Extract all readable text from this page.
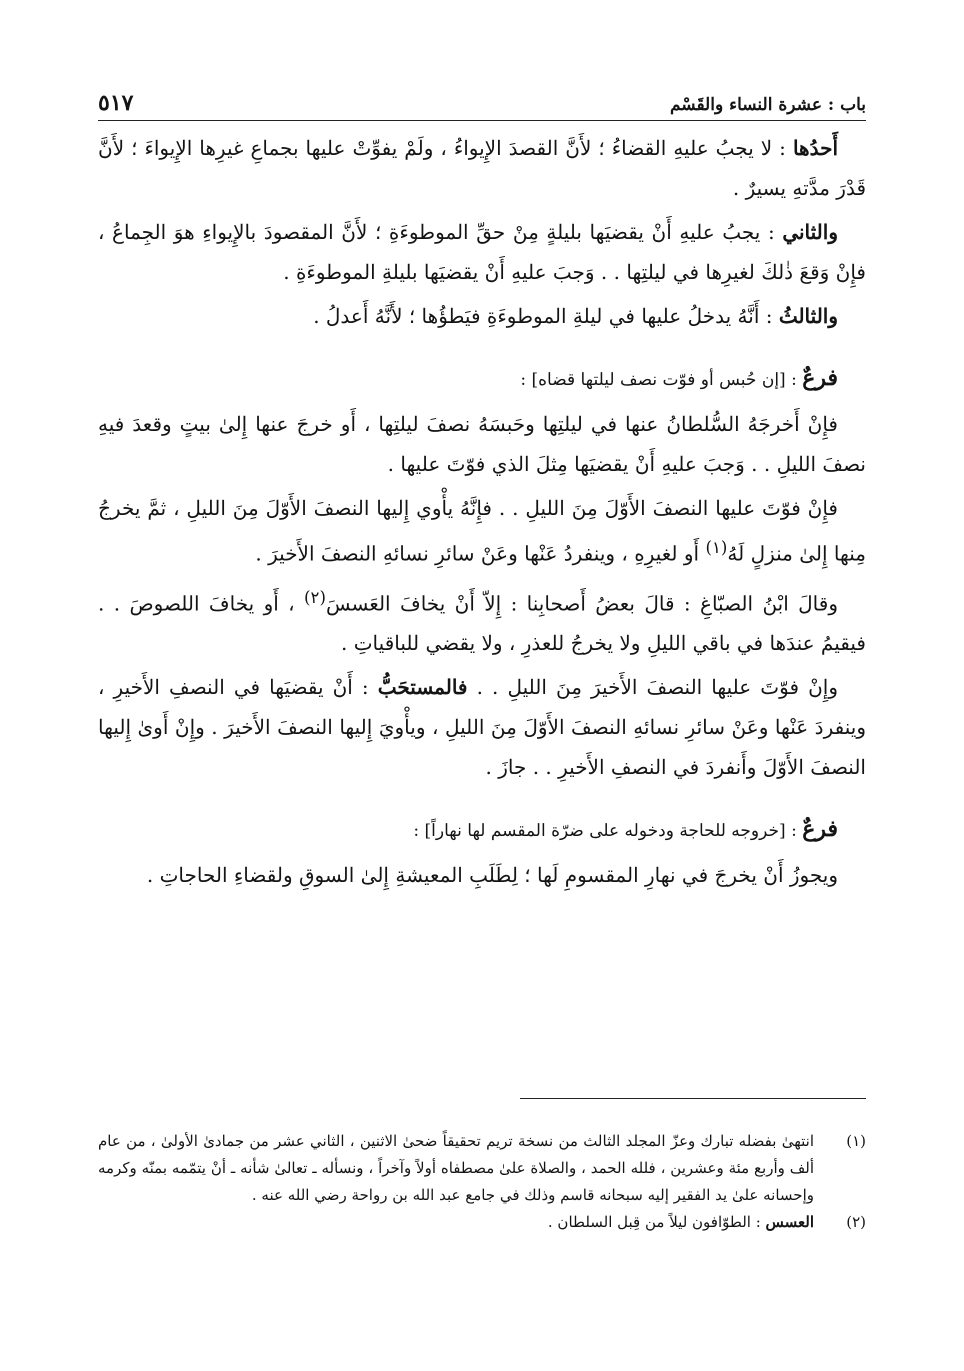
باب : عشرة النساء والقَسْم
٥١٧

أَحدُها : لا يجبُ عليهِ القضاءُ ؛ لأَنَّ القصدَ الإِيواءُ ، ولَمْ يفوِّتْ عليها بجماعِ غيرِها الإِيواءَ ؛ لأَنَّ قَدْرَ مدَّتهِ يسيرٌ .

والثاني : يجبُ عليهِ أَنْ يقضيَها بليلةٍ مِنْ حقِّ الموطوءَةِ ؛ لأَنَّ المقصودَ بالإِيواءِ هوَ الجِماعُ ، فإِنْ وَقعَ ذٰلكَ لغيرِها في ليلتِها . . وَجبَ عليهِ أَنْ يقضيَها بليلةِ الموطوءَةِ .

والثالثُ : أَنَّهُ يدخلُ عليها في ليلةِ الموطوءَةِ فيَطؤُها ؛ لأَنَّهُ أَعدلُ .

فرعٌ : [إن حُبس أو فوّت نصف ليلتها قضاه] :

فإِنْ أَخرجَهُ السُّلطانُ عنها في ليلتِها وحَبسَهُ نصفَ ليلتِها ، أَو خرجَ عنها إِلىٰ بيتٍ وقعدَ فيهِ نصفَ الليلِ . . وَجبَ عليهِ أَنْ يقضيَها مِثلَ الذي فوّتَ عليها .

فإِنْ فوّتَ عليها النصفَ الأَوّلَ مِنَ الليلِ . . فإِنَّهُ يأْوي إِليها النصفَ الأَوّلَ مِنَ الليلِ ، ثمَّ يخرجُ مِنها إِلىٰ منزلٍ لَهُ$^{(١)}$ أَو لغيرِهِ ، وينفردُ عَنْها وعَنْ سائرِ نسائهِ النصفَ الأَخيرَ .

وقالَ ابْنُ الصبّاغِ : قالَ بعضُ أَصحابِنا : إِلاّ أَنْ يخافَ العَسسَ$^{(٢)}$ ، أَو يخافَ اللصوصَ . . فيقيمُ عندَها في باقي الليلِ ولا يخرجُ للعذرِ ، ولا يقضي للباقياتِ .

وإِنْ فوّتَ عليها النصفَ الأَخيرَ مِنَ الليلِ . . فالمستحَبُّ : أَنْ يقضيَها في النصفِ الأَخيرِ ، وينفردَ عَنْها وعَنْ سائرِ نسائهِ النصفَ الأَوّلَ مِنَ الليلِ ، ويأْويَ إِليها النصفَ الأَخيرَ . وإِنْ أَوىٰ إِليها النصفَ الأَوّلَ وأَنفردَ في النصفِ الأَخيرِ . . جازَ .

فرعٌ : [خروجه للحاجة ودخوله على ضرّة المقسم لها نهاراً] :

ويجوزُ أَنْ يخرجَ في نهارِ المقسومِ لَها ؛ لِطَلَبِ المعيشةِ إِلىٰ السوقِ ولقضاءِ الحاجاتِ .

(١)
انتهىٰ بفضله تبارك وعزّ المجلد الثالث من نسخة تريم تحقيقاً ضحىٰ الاثنين ، الثاني عشر من جمادىٰ الأولىٰ ، من عام ألف وأربع مئة وعشرين ، فلله الحمد ، والصلاة علىٰ مصطفاه أولاً وآخراً ، ونسأله ـ تعالىٰ شأنه ـ أنْ يتمّمه بمنّه وكرمه وإحسانه علىٰ يد الفقير إليه سبحانه قاسم وذلك في جامع عبد الله بن رواحة رضي الله عنه .
(٢)
العسس : الطوّافون ليلاً من قِبل السلطان .
